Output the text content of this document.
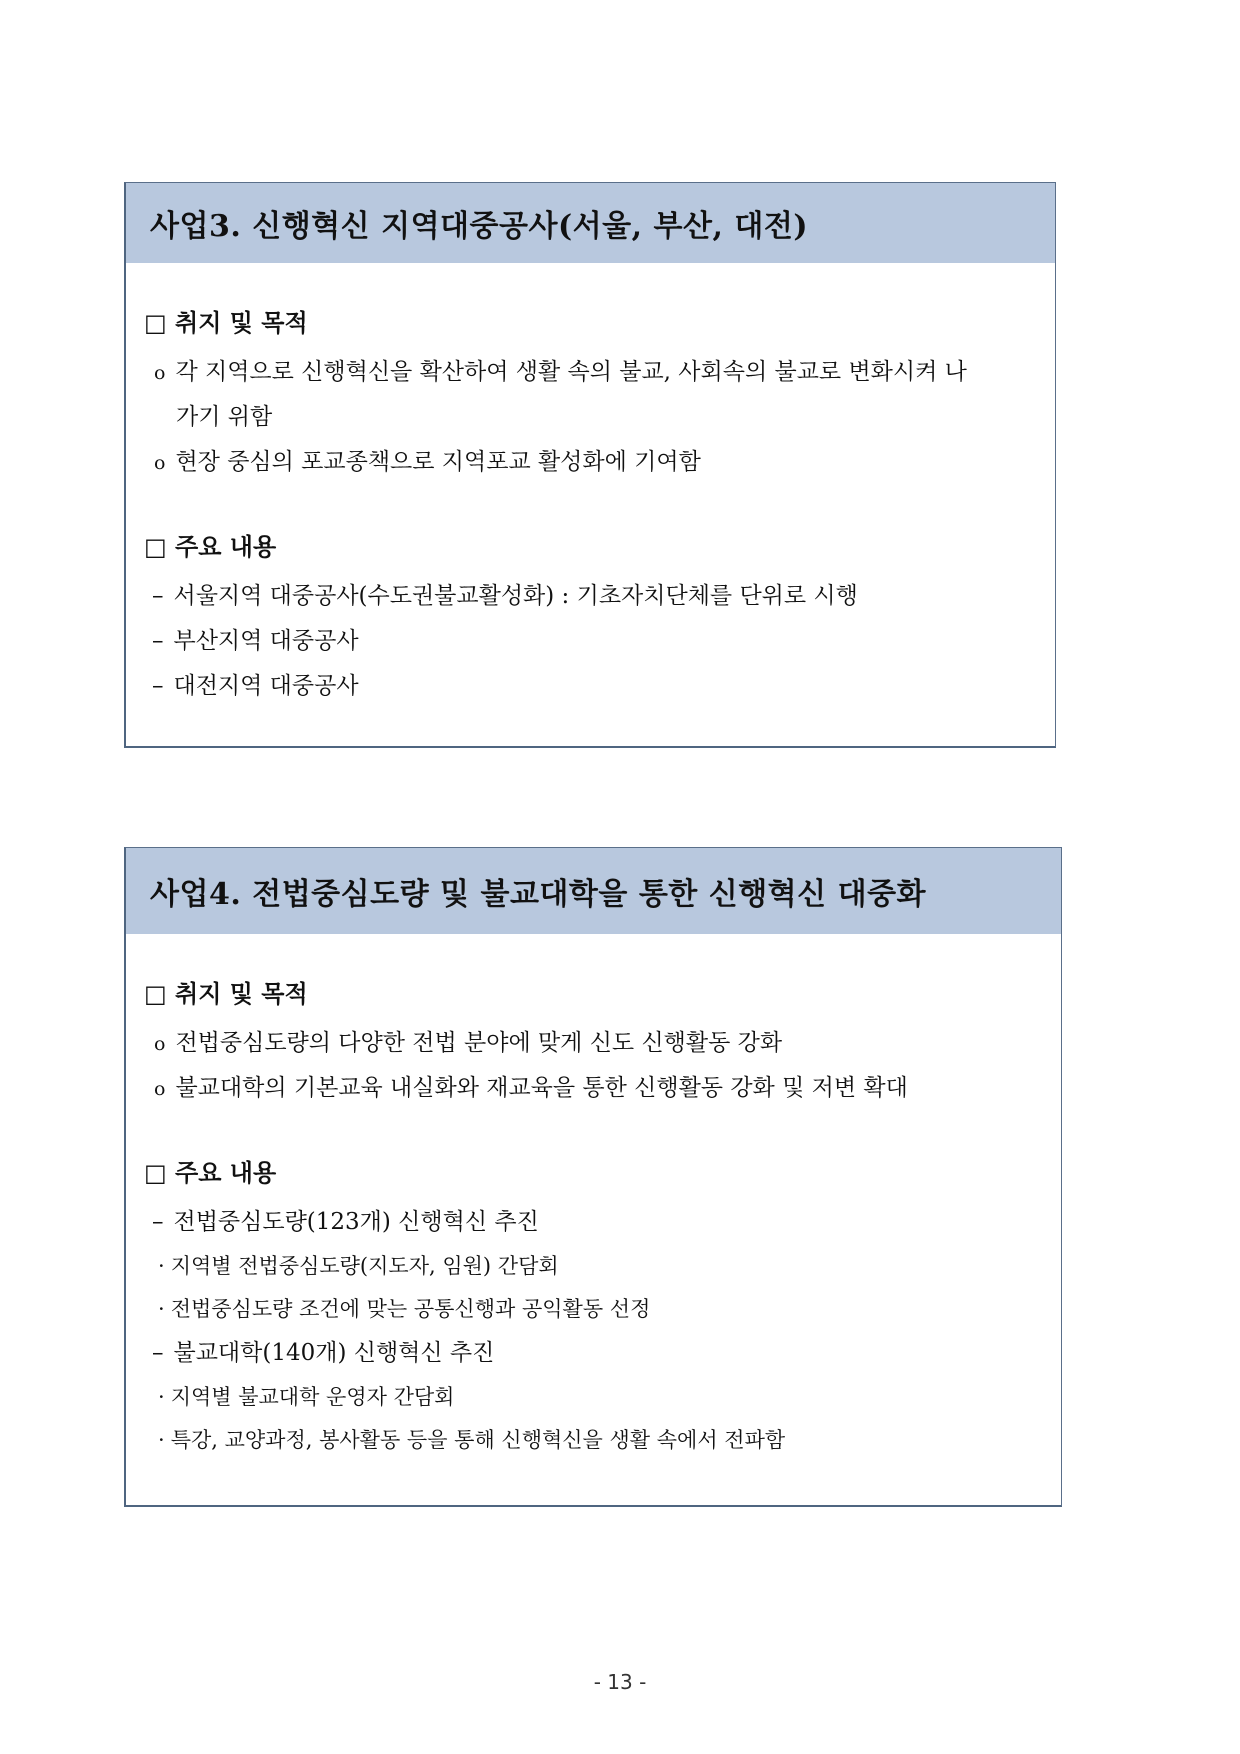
사업3. 신행혁신 지역대중공사(서울, 부산, 대전)
□ 취지 및 목적
o 각 지역으로 신행혁신을 확산하여 생활 속의 불교, 사회속의 불교로 변화시켜 나
가기 위함
o 현장 중심의 포교종책으로 지역포교 활성화에 기여함
□ 주요 내용
– 서울지역 대중공사(수도권불교활성화) : 기초자치단체를 단위로 시행
– 부산지역 대중공사
– 대전지역 대중공사
사업4. 전법중심도량 및 불교대학을 통한 신행혁신 대중화
□ 취지 및 목적
o 전법중심도량의 다양한 전법 분야에 맞게 신도 신행활동 강화
o 불교대학의 기본교육 내실화와 재교육을 통한 신행활동 강화 및 저변 확대
□ 주요 내용
– 전법중심도량(123개) 신행혁신 추진
· 지역별 전법중심도량(지도자, 임원) 간담회
· 전법중심도량 조건에 맞는 공통신행과 공익활동 선정
– 불교대학(140개) 신행혁신 추진
· 지역별 불교대학 운영자 간담회
· 특강, 교양과정, 봉사활동 등을 통해 신행혁신을 생활 속에서 전파함
- 13 -
